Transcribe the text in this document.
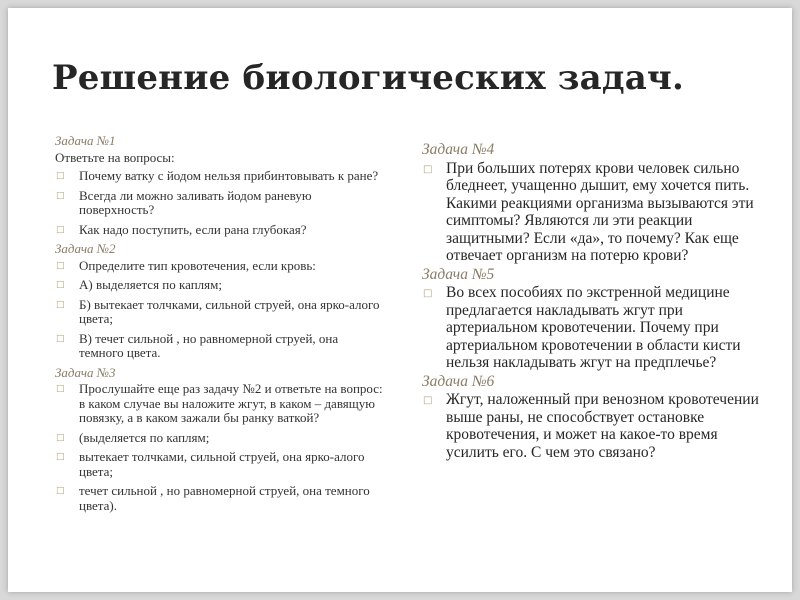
Решение биологических задач.

Задача №1

Ответьте на вопросы:

□ Почему ватку с йодом нельзя прибинтовывать к ране?
□ Всегда ли можно заливать йодом раневую поверхность?
□ Как надо поступить, если рана глубокая?

Задача №2

□ Определите тип кровотечения, если кровь:
□ А) выделяется по каплям;
□ Б) вытекает толчками, сильной струей, она ярко-алого цвета;
□ В) течет сильной , но равномерной струей, она темного цвета.

Задача №3

□ Прослушайте еще раз задачу №2 и ответьте на вопрос: в каком случае вы наложите жгут, в каком – давящую повязку, а в каком зажали бы ранку ваткой?
□ (выделяется по каплям;
□ вытекает толчками, сильной струей, она ярко-алого цвета;
□ течет сильной , но равномерной струей, она темного цвета).

Задача №4

□ При больших потерях крови человек сильно бледнеет, учащенно дышит, ему хочется пить. Какими реакциями организма вызываются эти симптомы? Являются ли эти реакции защитными? Если «да», то почему? Как еще отвечает организм на потерю крови?

Задача №5

□ Во всех пособиях по экстренной медицине предлагается накладывать жгут при артериальном кровотечении. Почему при артериальном кровотечении в области кисти нельзя накладывать жгут на предплечье?

Задача №6

□ Жгут, наложенный при венозном кровотечении выше раны, не способствует остановке кровотечения, и может на какое-то время усилить его. С чем это связано?
